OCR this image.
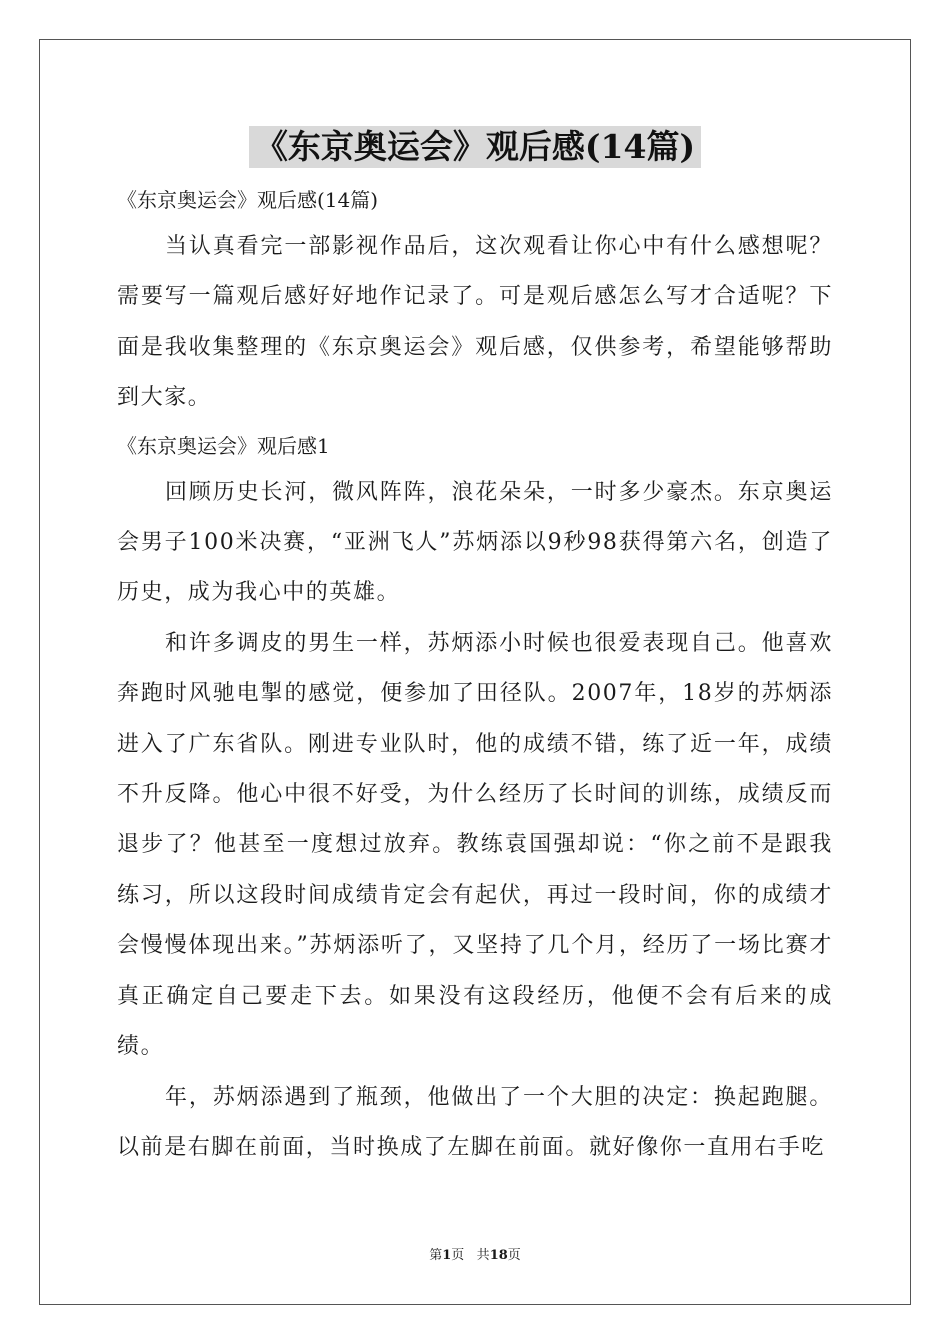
《东京奥运会》观后感(14篇)

《东京奥运会》观后感(14篇)

当认真看完一部影视作品后，这次观看让你心中有什么感想呢？需要写一篇观后感好好地作记录了。可是观后感怎么写才合适呢？下面是我收集整理的《东京奥运会》观后感，仅供参考，希望能够帮助到大家。

《东京奥运会》观后感1

回顾历史长河，微风阵阵，浪花朵朵，一时多少豪杰。东京奥运会男子100米决赛，“亚洲飞人”苏炳添以9秒98获得第六名，创造了历史，成为我心中的英雄。

和许多调皮的男生一样，苏炳添小时候也很爱表现自己。他喜欢奔跑时风驰电掣的感觉，便参加了田径队。2007年，18岁的苏炳添进入了广东省队。刚进专业队时，他的成绩不错，练了近一年，成绩不升反降。他心中很不好受，为什么经历了长时间的训练，成绩反而退步了？他甚至一度想过放弃。教练袁国强却说：“你之前不是跟我练习，所以这段时间成绩肯定会有起伏，再过一段时间，你的成绩才会慢慢体现出来。”苏炳添听了，又坚持了几个月，经历了一场比赛才真正确定自己要走下去。如果没有这段经历，他便不会有后来的成绩。

年，苏炳添遇到了瓶颈，他做出了一个大胆的决定：换起跑腿。以前是右脚在前面，当时换成了左脚在前面。就好像你一直用右手吃

第1页 共18页
